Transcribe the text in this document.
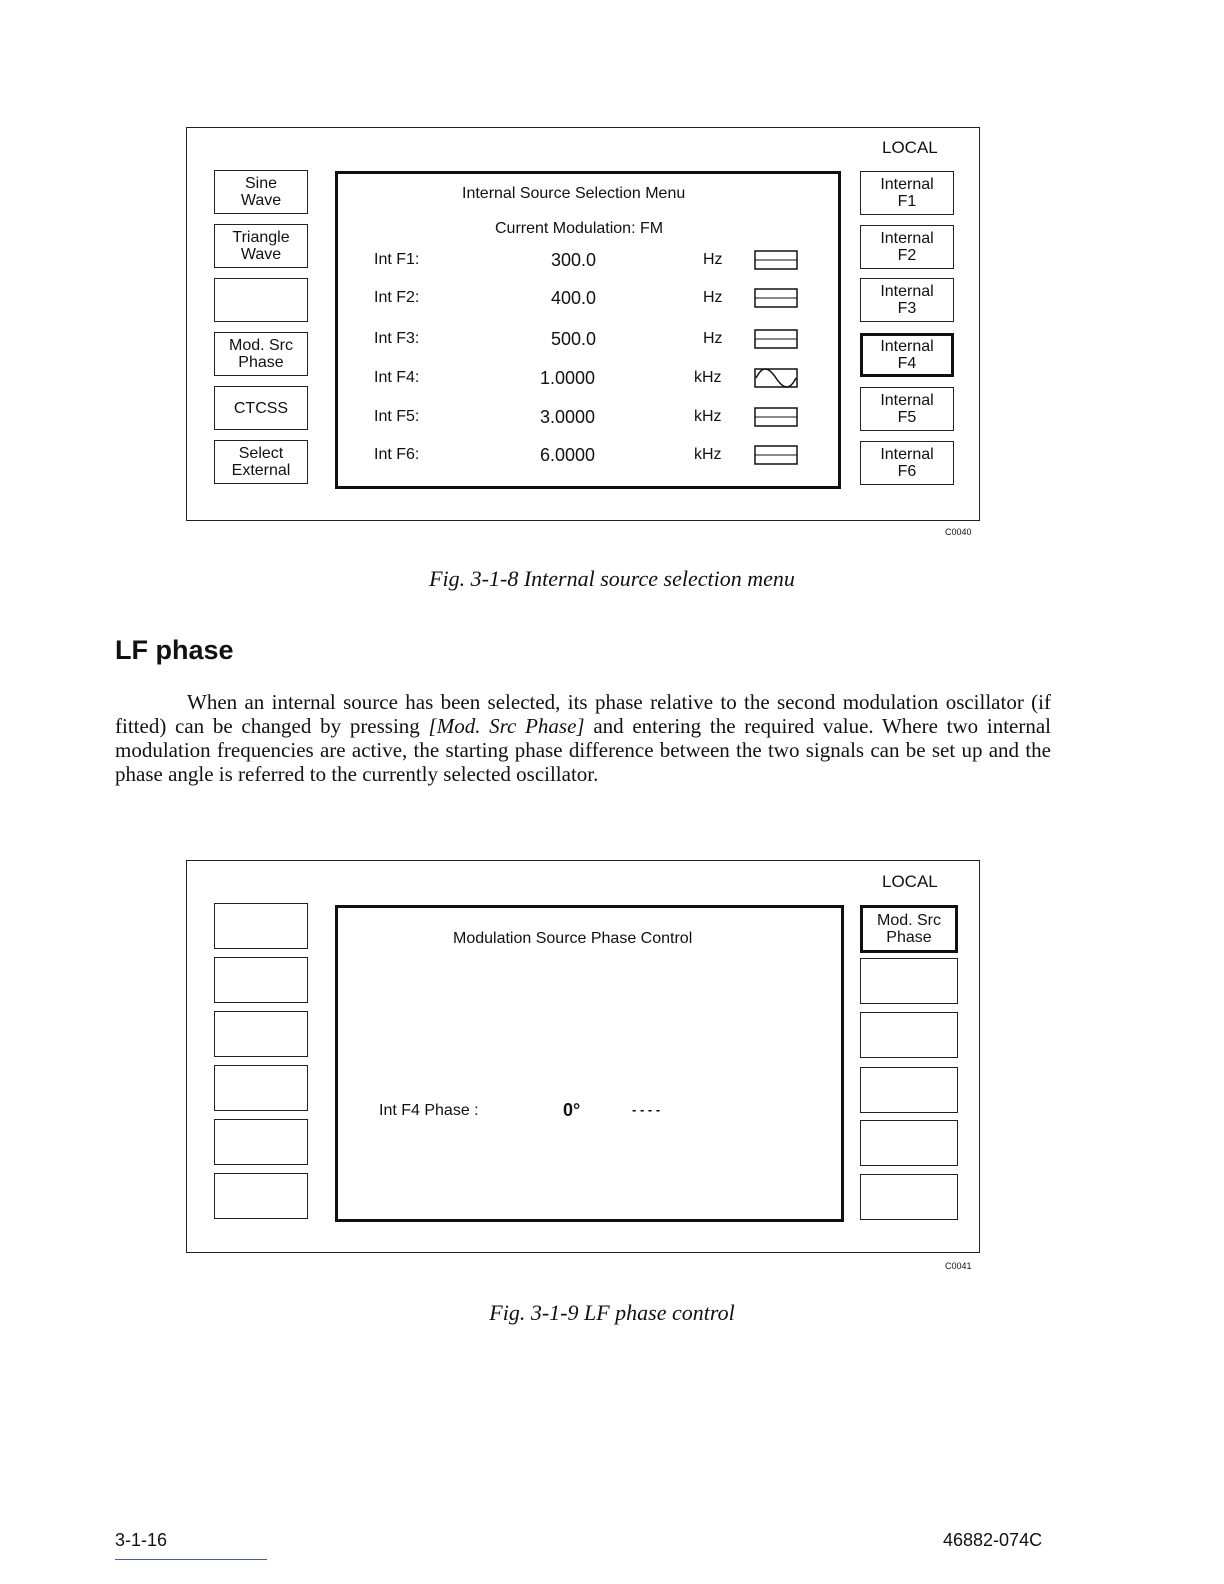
LOCAL
Sine
Wave
Triangle
Wave
Mod. Src
Phase
CTCSS
Select
External
Internal
F1
Internal
F2
Internal
F3
Internal
F4
Internal
F5
Internal
F6
Internal Source Selection Menu
Current Modulation: FM
Int F1:	300.0	Hz
Int F2:	400.0	Hz
Int F3:	500.0	Hz
Int F4:	1.0000	kHz
Int F5:	3.0000	kHz
Int F6:	6.0000	kHz
C0040
Fig. 3-1-8 Internal source selection menu
LF phase
When an internal source has been selected, its phase relative to the second modulation oscillator (if fitted) can be changed by pressing [Mod. Src Phase] and entering the required value. Where two internal modulation frequencies are active, the starting phase difference between the two signals can be set up and the phase angle is referred to the currently selected oscillator.
LOCAL
Mod. Src
Phase
Modulation Source Phase Control
Int F4 Phase :	0°	- - - -
C0041
Fig. 3-1-9 LF phase control
3-1-16	46882-074C
